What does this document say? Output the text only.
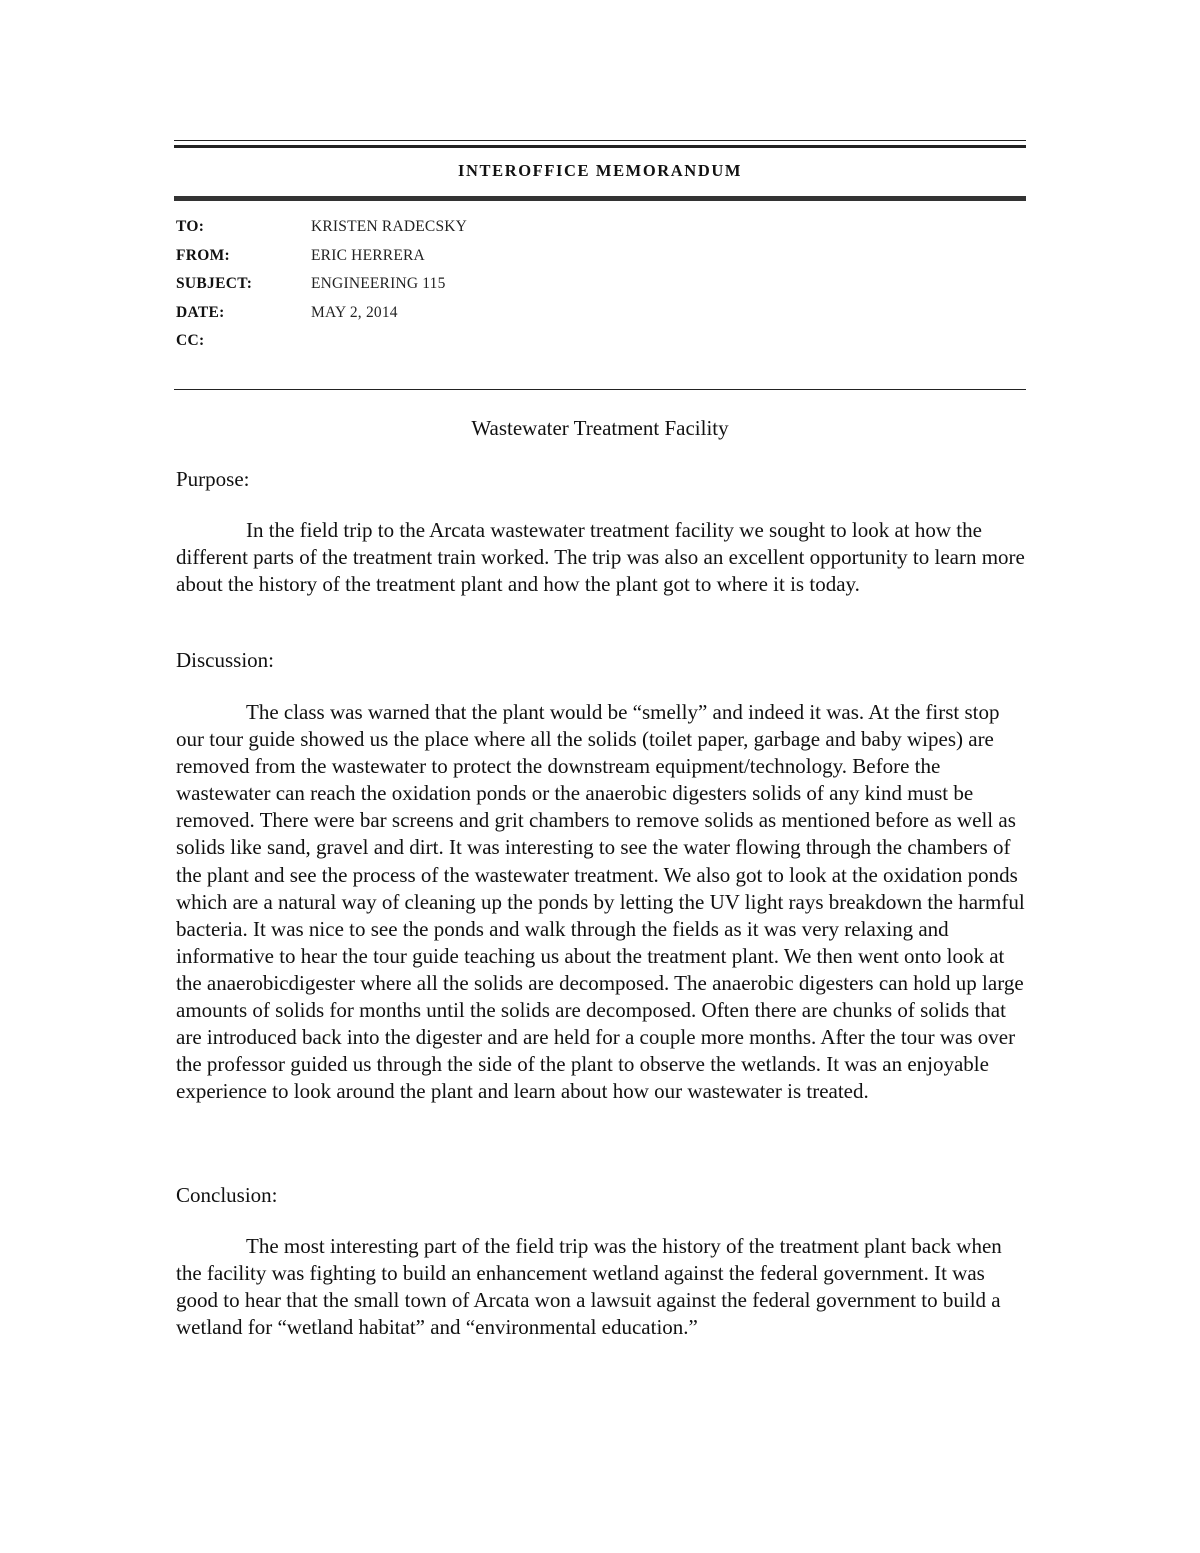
INTEROFFICE MEMORANDUM
TO:	KRISTEN RADECSKY
FROM:	ERIC HERRERA
SUBJECT:	ENGINEERING 115
DATE:	MAY 2, 2014
CC:
Wastewater Treatment Facility
Purpose:

In the field trip to the Arcata wastewater treatment facility we sought to look at how the different parts of the treatment train worked. The trip was also an excellent opportunity to learn more about the history of the treatment plant and how the plant got to where it is today.

Discussion:

The class was warned that the plant would be “smelly” and indeed it was. At the first stop our tour guide showed us the place where all the solids (toilet paper, garbage and baby wipes) are removed from the wastewater to protect the downstream equipment/technology. Before the wastewater can reach the oxidation ponds or the anaerobic digesters solids of any kind must be removed. There were bar screens and grit chambers to remove solids as mentioned before as well as solids like sand, gravel and dirt. It was interesting to see the water flowing through the chambers of the plant and see the process of the wastewater treatment. We also got to look at the oxidation ponds which are a natural way of cleaning up the ponds by letting the UV light rays breakdown the harmful bacteria. It was nice to see the ponds and walk through the fields as it was very relaxing and informative to hear the tour guide teaching us about the treatment plant. We then went onto look at the anaerobicdigester where all the solids are decomposed. The anaerobic digesters can hold up large amounts of solids for months until the solids are decomposed. Often there are chunks of solids that are introduced back into the digester and are held for a couple more months. After the tour was over the professor guided us through the side of the plant to observe the wetlands. It was an enjoyable experience to look around the plant and learn about how our wastewater is treated.

Conclusion:

The most interesting part of the field trip was the history of the treatment plant back when the facility was fighting to build an enhancement wetland against the federal government. It was good to hear that the small town of Arcata won a lawsuit against the federal government to build a wetland for “wetland habitat” and “environmental education.”
